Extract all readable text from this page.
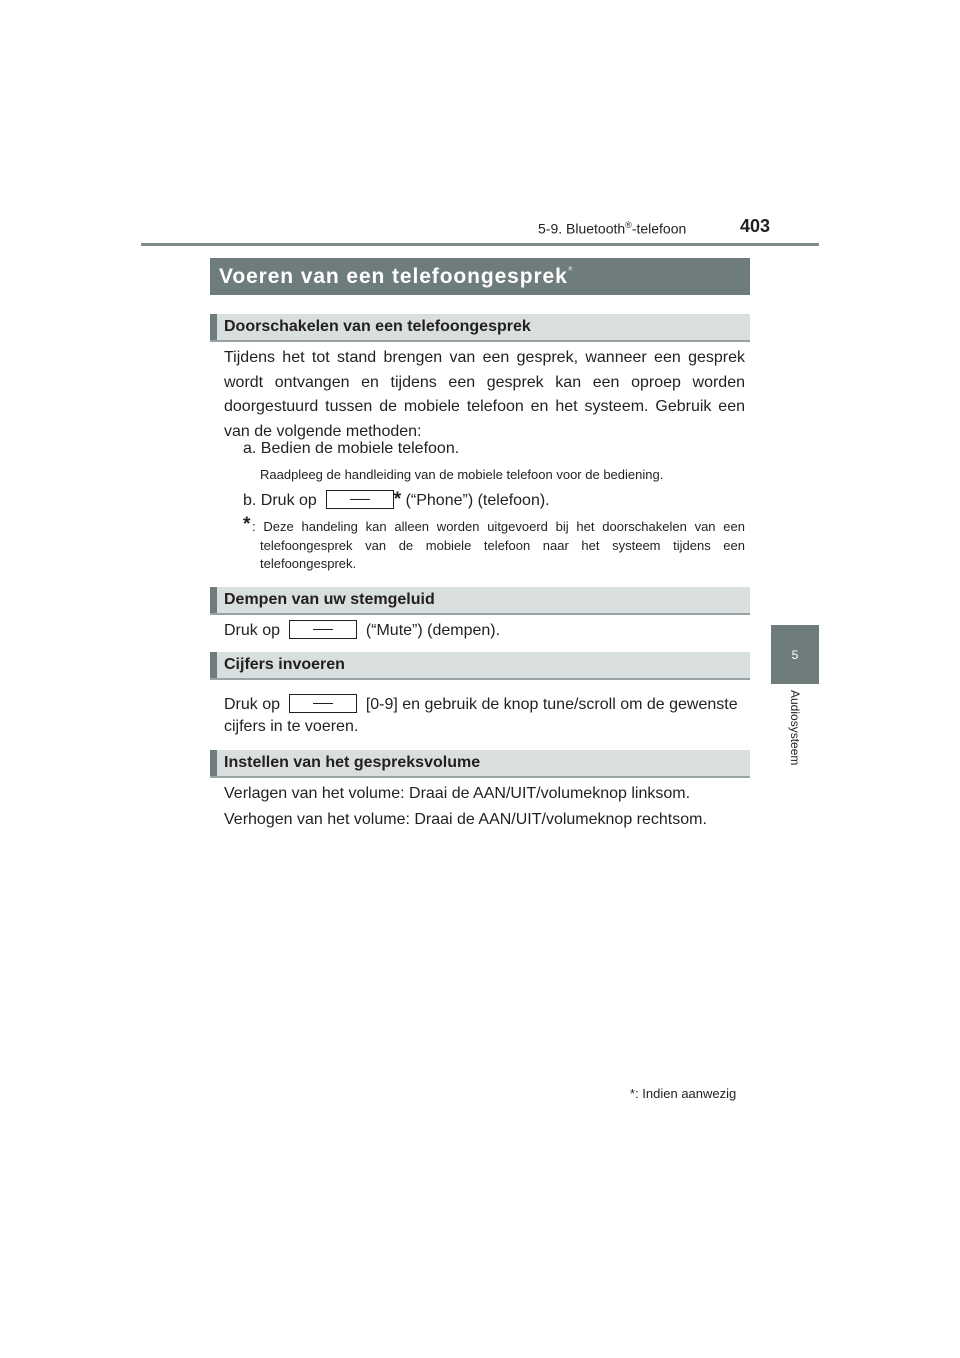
5-9. Bluetooth®-telefoon	403
5
Audiosysteem
Voeren van een telefoongesprek*
Doorschakelen van een telefoongesprek
Tijdens het tot stand brengen van een gesprek, wanneer een gesprek wordt ontvangen en tijdens een gesprek kan een oproep worden doorgestuurd tussen de mobiele telefoon en het systeem. Gebruik een van de volgende methoden:
a. Bedien de mobiele telefoon.
Raadpleeg de handleiding van de mobiele telefoon voor de bediening.
b. Druk op	* (“Phone”) (telefoon).
* : Deze handeling kan alleen worden uitgevoerd bij het doorschakelen van een telefoongesprek van de mobiele telefoon naar het systeem tijdens een telefoongesprek.
Dempen van uw stemgeluid
Druk op	(“Mute”) (dempen).
Cijfers invoeren
Druk op	[0-9] en gebruik de knop tune/scroll om de gewenste
cijfers in te voeren.
Instellen van het gespreksvolume
Verlagen van het volume: Draai de AAN/UIT/volumeknop linksom.
Verhogen van het volume: Draai de AAN/UIT/volumeknop rechtsom.
*: Indien aanwezig
